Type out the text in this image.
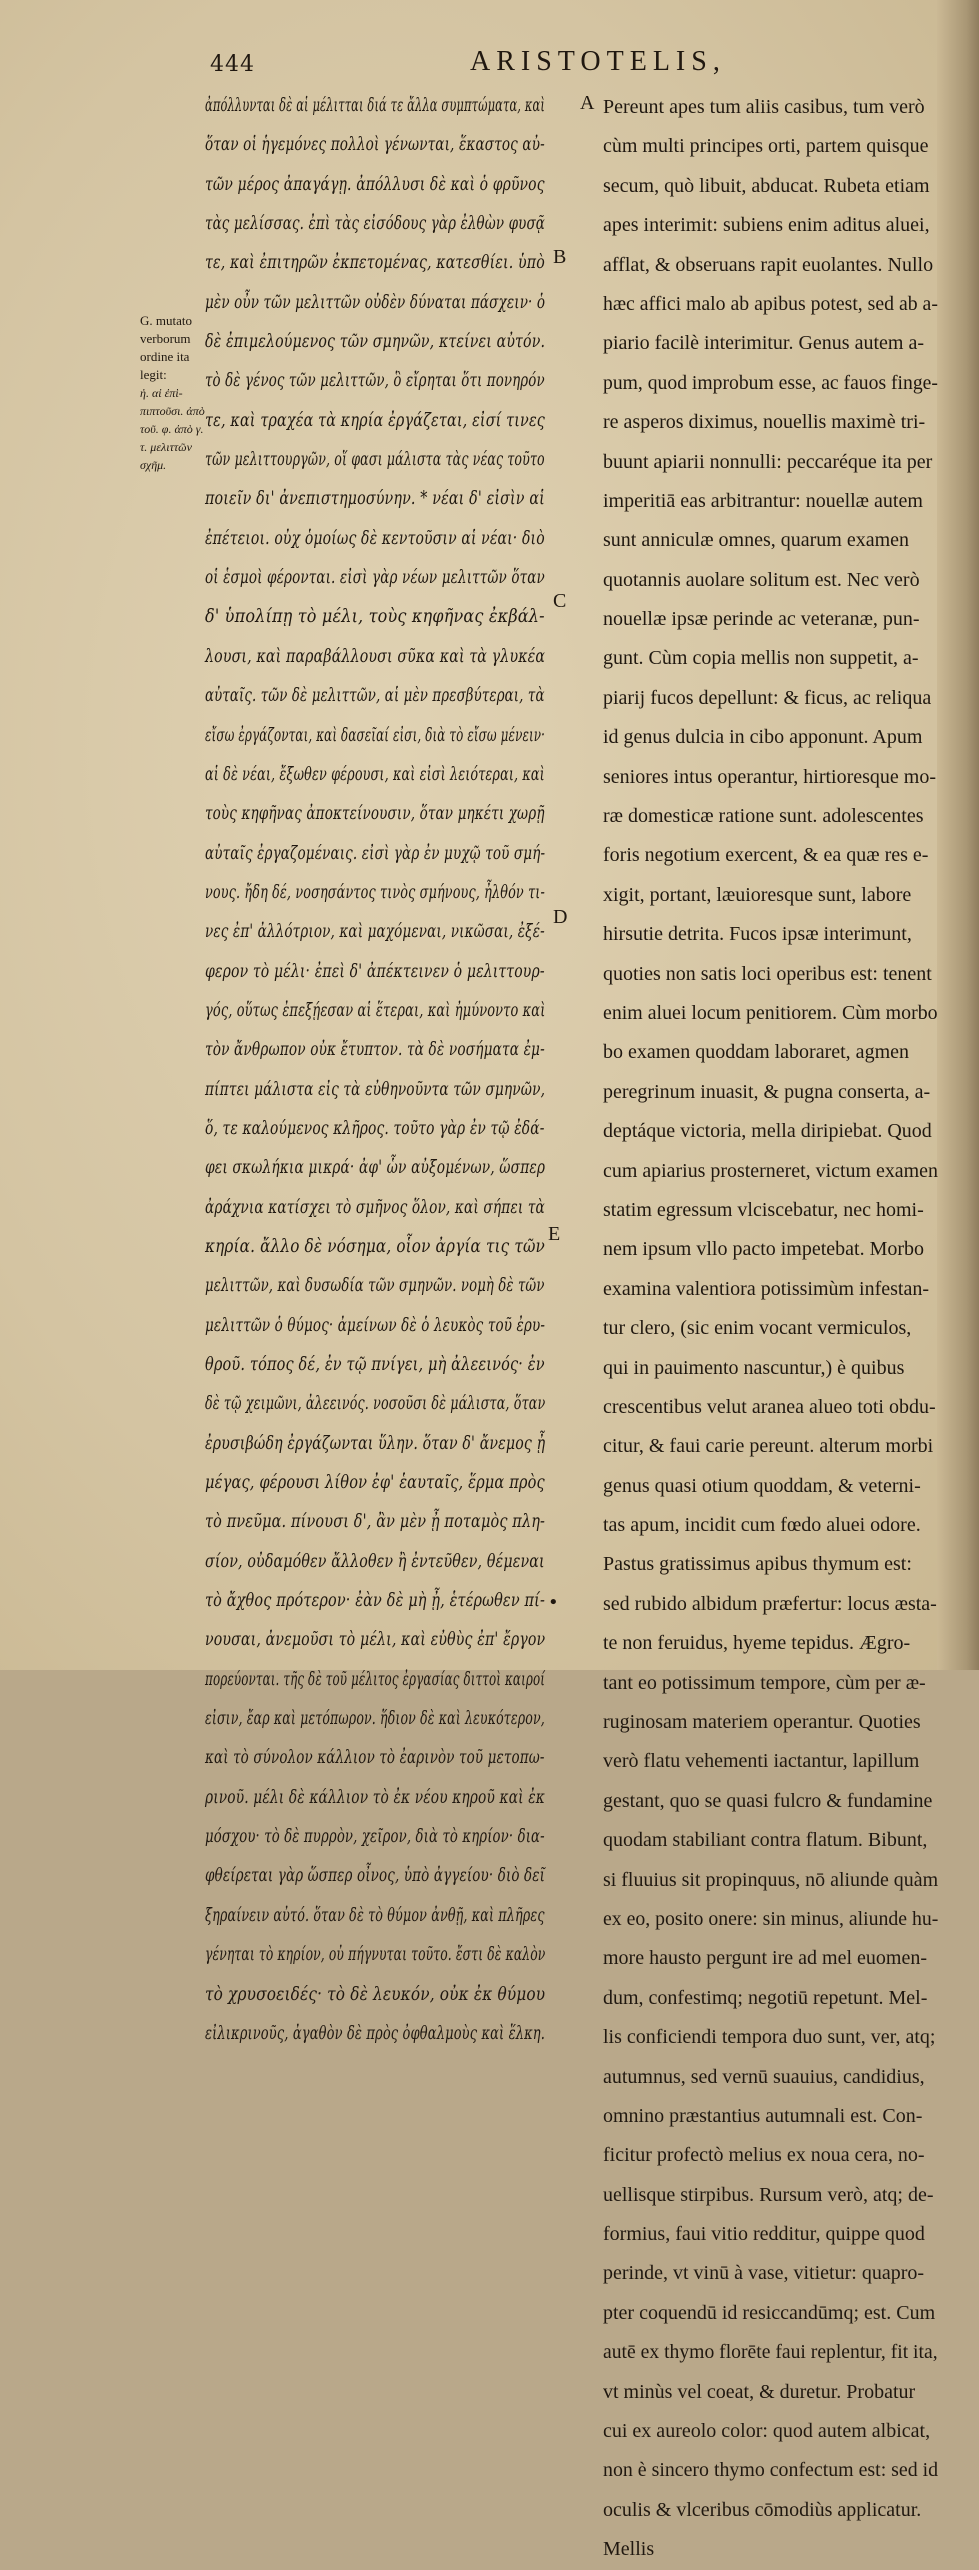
444	ARISTOTELIS,
G. mutato verborum ordine ita legit:
ἡ. αἱ ἐπὶ- πιπτοῦσι. ἀπὸ τοῦ. φ. ἀπὸ γ. τ. μελιττῶν σχῆμ.
ἀπόλλυνται δὲ αἱ μέλιτται διά τε ἄλλα συμπτώματα, καὶ
ὅταν οἱ ἡγεμόνες πολλοὶ γένωνται, ἕκαστος αὐ-
τῶν μέρος ἀπαγάγῃ. ἀπόλλυσι δὲ καὶ ὁ φρῦνος
τὰς μελίσσας. ἐπὶ τὰς εἰσόδους γὰρ ἐλθὼν φυσᾷ
τε, καὶ ἐπιτηρῶν ἐκπετομένας, κατεσθίει. ὑπὸ
μὲν οὖν τῶν μελιττῶν οὐδὲν δύναται πάσχειν· ὁ
δὲ ἐπιμελούμενος τῶν σμηνῶν, κτείνει αὐτόν.
τὸ δὲ γένος τῶν μελιττῶν, ὃ εἴρηται ὅτι πονηρόν
τε, καὶ τραχέα τὰ κηρία ἐργάζεται, εἰσί τινες
τῶν μελιττουργῶν, οἵ φασι μάλιστα τὰς νέας τοῦτο
ποιεῖν δι' ἀνεπιστημοσύνην. * νέαι δ' εἰσὶν αἱ
ἐπέτειοι. οὐχ ὁμοίως δὲ κεντοῦσιν αἱ νέαι· διὸ
οἱ ἑσμοὶ φέρονται. εἰσὶ γὰρ νέων μελιττῶν ὅταν
δ' ὑπολίπῃ τὸ μέλι, τοὺς κηφῆνας ἐκβάλ-
λουσι, καὶ παραβάλλουσι σῦκα καὶ τὰ γλυκέα
αὐταῖς. τῶν δὲ μελιττῶν, αἱ μὲν πρεσβύτεραι, τὰ
εἴσω ἐργάζονται, καὶ δασεῖαί εἰσι, διὰ τὸ εἴσω μένειν·
αἱ δὲ νέαι, ἔξωθεν φέρουσι, καὶ εἰσὶ λειότεραι, καὶ
τοὺς κηφῆνας ἀποκτείνουσιν, ὅταν μηκέτι χωρῇ
αὐταῖς ἐργαζομέναις. εἰσὶ γὰρ ἐν μυχῷ τοῦ σμή-
νους. ἤδη δέ, νοσησάντος τινὸς σμήνους, ἦλθόν τι-
νες ἐπ' ἀλλότριον, καὶ μαχόμεναι, νικῶσαι, ἐξέ-
φερον τὸ μέλι· ἐπεὶ δ' ἀπέκτεινεν ὁ μελιττουρ-
γός, οὕτως ἐπεξῄεσαν αἱ ἕτεραι, καὶ ἠμύνοντο καὶ
τὸν ἄνθρωπον οὐκ ἔτυπτον. τὰ δὲ νοσήματα ἐμ-
πίπτει μάλιστα εἰς τὰ εὐθηνοῦντα τῶν σμηνῶν,
ὅ, τε καλούμενος κλῆρος. τοῦτο γὰρ ἐν τῷ ἐδά-
φει σκωλήκια μικρά· ἀφ' ὧν αὐξομένων, ὥσπερ
ἀράχνια κατίσχει τὸ σμῆνος ὅλον, καὶ σήπει τὰ
κηρία. ἄλλο δὲ νόσημα, οἷον ἀργία τις τῶν
μελιττῶν, καὶ δυσωδία τῶν σμηνῶν. νομὴ δὲ τῶν
μελιττῶν ὁ θύμος· ἀμείνων δὲ ὁ λευκὸς τοῦ ἐρυ-
θροῦ. τόπος δέ, ἐν τῷ πνίγει, μὴ ἀλεεινός· ἐν
δὲ τῷ χειμῶνι, ἀλεεινός. νοσοῦσι δὲ μάλιστα, ὅταν
ἐρυσιβώδη ἐργάζωνται ὕλην. ὅταν δ' ἄνεμος ᾖ
μέγας, φέρουσι λίθον ἐφ' ἑαυταῖς, ἕρμα πρὸς
τὸ πνεῦμα. πίνουσι δ', ἂν μὲν ᾖ ποταμὸς πλη-
σίον, οὐδαμόθεν ἄλλοθεν ἢ ἐντεῦθεν, θέμεναι
τὸ ἄχθος πρότερον· ἐὰν δὲ μὴ ᾖ, ἑτέρωθεν πί-
νουσαι, ἀνεμοῦσι τὸ μέλι, καὶ εὐθὺς ἐπ' ἔργον
πορεύονται. τῆς δὲ τοῦ μέλιτος ἐργασίας διττοὶ καιροί
εἰσιν, ἔαρ καὶ μετόπωρον. ἥδιον δὲ καὶ λευκότερον,
καὶ τὸ σύνολον κάλλιον τὸ ἐαρινὸν τοῦ μετοπω-
ρινοῦ. μέλι δὲ κάλλιον τὸ ἐκ νέου κηροῦ καὶ ἐκ
μόσχου· τὸ δὲ πυρρὸν, χεῖρον, διὰ τὸ κηρίον· δια-
φθείρεται γὰρ ὥσπερ οἶνος, ὑπὸ ἀγγείου· διὸ δεῖ
ξηραίνειν αὐτό. ὅταν δὲ τὸ θύμον ἀνθῇ, καὶ πλῆρες
γένηται τὸ κηρίον, οὐ πήγνυται τοῦτο. ἔστι δὲ καλὸν
τὸ χρυσοειδές· τὸ δὲ λευκόν, οὐκ ἐκ θύμου
εἰλικρινοῦς, ἀγαθὸν δὲ πρὸς ὀφθαλμοὺς καὶ ἕλκη.
Pereunt apes tum aliis casibus, tum verò
cùm multi principes orti, partem quisque
secum, quò libuit, abducat. Rubeta etiam
apes interimit: subiens enim aditus aluei,
afflat, & obseruans rapit euolantes. Nullo
hæc affici malo ab apibus potest, sed ab a-
piario facilè interimitur. Genus autem a-
pum, quod improbum esse, ac fauos finge-
re asperos diximus, nouellis maximè tri-
buunt apiarii nonnulli: peccaréque ita per
imperitiā eas arbitrantur: nouellæ autem
sunt anniculæ omnes, quarum examen
quotannis auolare solitum est. Nec verò
nouellæ ipsæ perinde ac veteranæ, pun-
gunt. Cùm copia mellis non suppetit, a-
piarij fucos depellunt: & ficus, ac reliqua
id genus dulcia in cibo apponunt. Apum
seniores intus operantur, hirtioresque mo-
ræ domesticæ ratione sunt. adolescentes
foris negotium exercent, & ea quæ res e-
xigit, portant, læuioresque sunt, labore
hirsutie detrita. Fucos ipsæ interimunt,
quoties non satis loci operibus est: tenent
enim aluei locum penitiorem. Cùm morbo
bo examen quoddam laboraret, agmen
peregrinum inuasit, & pugna conserta, a-
deptáque victoria, mella diripiebat. Quod
cum apiarius prosterneret, victum examen
statim egressum vlciscebatur, nec homi-
nem ipsum vllo pacto impetebat. Morbo
examina valentiora potissimùm infestan-
tur clero, (sic enim vocant vermiculos,
qui in pauimento nascuntur,) è quibus
crescentibus velut aranea alueo toti obdu-
citur, & faui carie pereunt. alterum morbi
genus quasi otium quoddam, & veterni-
tas apum, incidit cum fœdo aluei odore.
Pastus gratissimus apibus thymum est:
sed rubido albidum præfertur: locus æsta-
te non feruidus, hyeme tepidus. Ægro-
tant eo potissimum tempore, cùm per æ-
ruginosam materiem operantur. Quoties
verò flatu vehementi iactantur, lapillum
gestant, quo se quasi fulcro & fundamine
quodam stabiliant contra flatum. Bibunt,
si fluuius sit propinquus, nō aliunde quàm
ex eo, posito onere: sin minus, aliunde hu-
more hausto pergunt ire ad mel euomen-
dum, confestimq; negotiū repetunt. Mel-
lis conficiendi tempora duo sunt, ver, atq;
autumnus, sed vernū suauius, candidius,
omnino præstantius autumnali est. Con-
ficitur profectò melius ex noua cera, no-
uellisque stirpibus. Rursum verò, atq; de-
formius, faui vitio redditur, quippe quod
perinde, vt vinū à vase, vitietur: quapro-
pter coquendū id resiccandūmq; est. Cum
autē ex thymo florēte faui replentur, fit ita,
vt minùs vel coeat, & duretur. Probatur
cui ex aureolo color: quod autem albicat,
non è sincero thymo confectum est: sed id
oculis & vlceribus cōmodiùs applicatur.
Mellis
A
B
C
D
E
•
